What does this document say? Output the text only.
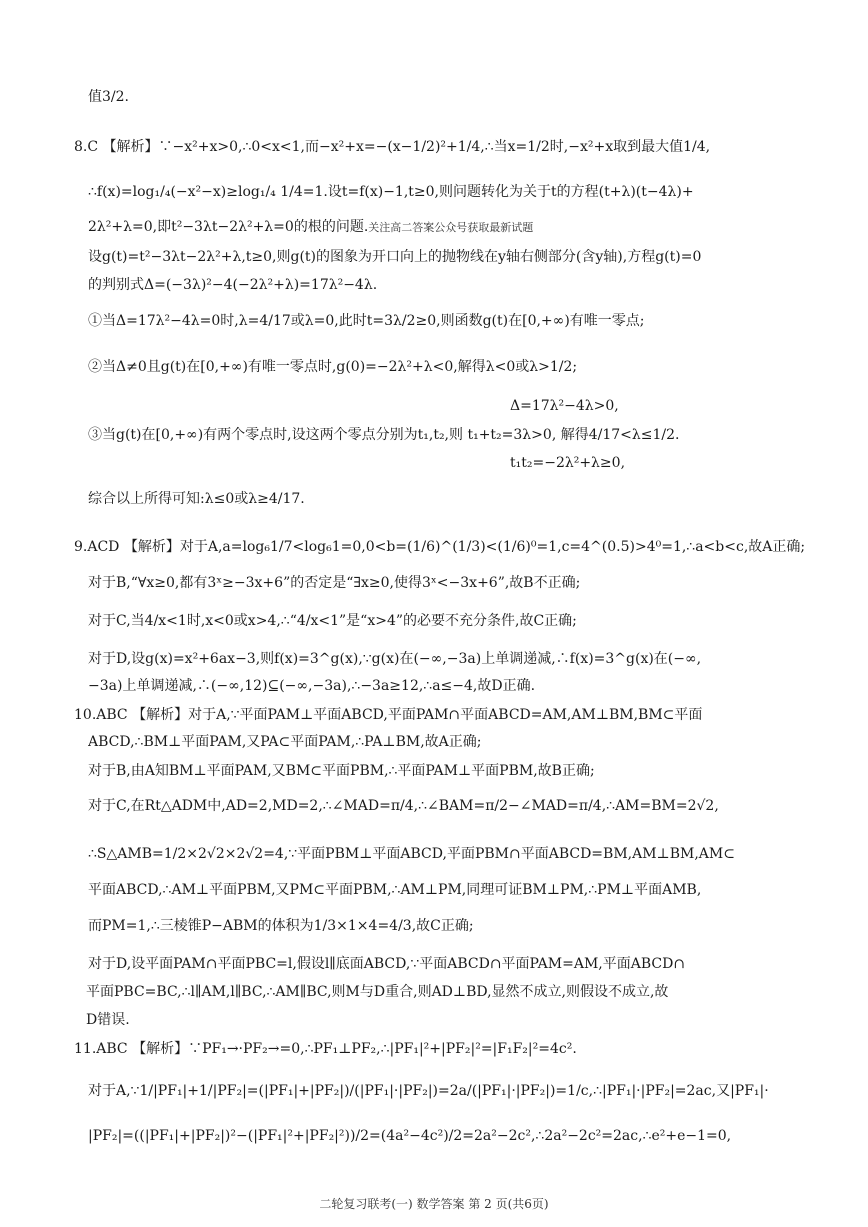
值3/2.
8.C 【解析】∵−x²+x>0,∴0<x<1,而−x²+x=−(x−1/2)²+1/4,∴当x=1/2时,−x²+x取到最大值1/4,
∴f(x)=log₁/₄(−x²−x)≥log₁/₄ 1/4=1.设t=f(x)−1,t≥0,则问题转化为关于t的方程(t+λ)(t−4λ)+
2λ²+λ=0,即t²−3λt−2λ²+λ=0的根的问题.关注高二答案公众号获取最新试题
设g(t)=t²−3λt−2λ²+λ,t≥0,则g(t)的图象为开口向上的抛物线在y轴右侧部分(含y轴),方程g(t)=0
的判别式Δ=(−3λ)²−4(−2λ²+λ)=17λ²−4λ.
①当Δ=17λ²−4λ=0时,λ=4/17或λ=0,此时t=3λ/2≥0,则函数g(t)在[0,+∞)有唯一零点;
②当Δ≠0且g(t)在[0,+∞)有唯一零点时,g(0)=−2λ²+λ<0,解得λ<0或λ>1/2;
Δ=17λ²−4λ>0,
③当g(t)在[0,+∞)有两个零点时,设这两个零点分别为t₁,t₂,则 t₁+t₂=3λ>0, 解得4/17<λ≤1/2.
t₁t₂=−2λ²+λ≥0,
综合以上所得可知:λ≤0或λ≥4/17.
9.ACD 【解析】对于A,a=log₆1/7<log₆1=0,0<b=(1/6)^(1/3)<(1/6)⁰=1,c=4^(0.5)>4⁰=1,∴a<b<c,故A正确;
对于B,“∀x≥0,都有3ˣ≥−3x+6”的否定是“∃x≥0,使得3ˣ<−3x+6”,故B不正确;
对于C,当4/x<1时,x<0或x>4,∴“4/x<1”是“x>4”的必要不充分条件,故C正确;
对于D,设g(x)=x²+6ax−3,则f(x)=3^g(x),∵g(x)在(−∞,−3a)上单调递减,∴f(x)=3^g(x)在(−∞,
−3a)上单调递减,∴(−∞,12)⊆(−∞,−3a),∴−3a≥12,∴a≤−4,故D正确.
10.ABC 【解析】对于A,∵平面PAM⊥平面ABCD,平面PAM∩平面ABCD=AM,AM⊥BM,BM⊂平面
ABCD,∴BM⊥平面PAM,又PA⊂平面PAM,∴PA⊥BM,故A正确;
对于B,由A知BM⊥平面PAM,又BM⊂平面PBM,∴平面PAM⊥平面PBM,故B正确;
对于C,在Rt△ADM中,AD=2,MD=2,∴∠MAD=π/4,∴∠BAM=π/2−∠MAD=π/4,∴AM=BM=2√2,
∴S△AMB=1/2×2√2×2√2=4,∵平面PBM⊥平面ABCD,平面PBM∩平面ABCD=BM,AM⊥BM,AM⊂
平面ABCD,∴AM⊥平面PBM,又PM⊂平面PBM,∴AM⊥PM,同理可证BM⊥PM,∴PM⊥平面AMB,
而PM=1,∴三棱锥P−ABM的体积为1/3×1×4=4/3,故C正确;
对于D,设平面PAM∩平面PBC=l,假设l∥底面ABCD,∵平面ABCD∩平面PAM=AM,平面ABCD∩
平面PBC=BC,∴l∥AM,l∥BC,∴AM∥BC,则M与D重合,则AD⊥BD,显然不成立,则假设不成立,故
D错误.
11.ABC 【解析】∵PF₁→·PF₂→=0,∴PF₁⊥PF₂,∴|PF₁|²+|PF₂|²=|F₁F₂|²=4c².
对于A,∵1/|PF₁|+1/|PF₂|=(|PF₁|+|PF₂|)/(|PF₁|·|PF₂|)=2a/(|PF₁|·|PF₂|)=1/c,∴|PF₁|·|PF₂|=2ac,又|PF₁|·
|PF₂|=((|PF₁|+|PF₂|)²−(|PF₁|²+|PF₂|²))/2=(4a²−4c²)/2=2a²−2c²,∴2a²−2c²=2ac,∴e²+e−1=0,
二轮复习联考(一) 数学答案 第 2 页(共6页)
